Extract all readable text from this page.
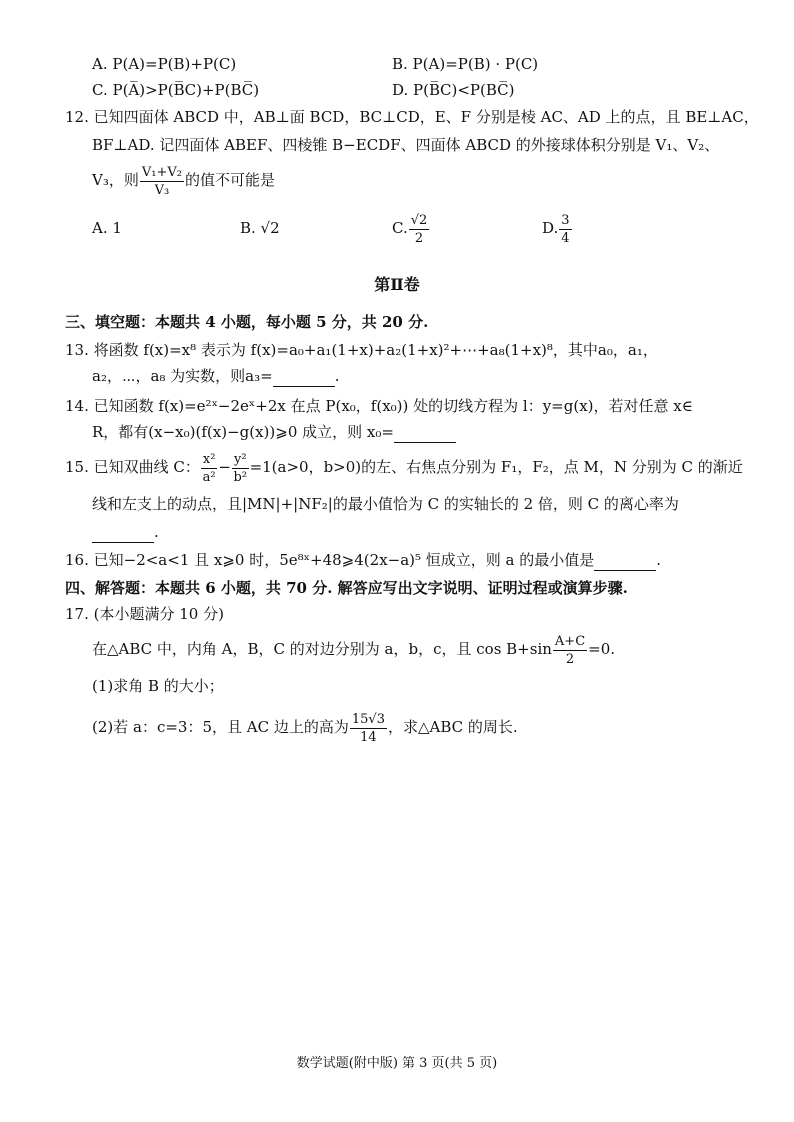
A. P(A)=P(B)+P(C)	B. P(A)=P(B) · P(C)
C. P(A̅)>P(B̅C)+P(BC̅)	D. P(B̅C)<P(BC̅)
12. 已知四面体 ABCD 中，AB⊥面 BCD，BC⊥CD，E、F 分别是棱 AC、AD 上的点，且 BE⊥AC，
BF⊥AD. 记四面体 ABEF、四棱锥 B−ECDF、四面体 ABCD 的外接球体积分别是 V₁、V₂、
V₃，则 $\frac{\text{V₁+V₂}}{\text{V₃}}$ 的值不可能是
A. 1	B. √2	C. $\frac{√2}{2}$	D. $\frac{3}{4}$
第Ⅱ卷
三、填空题：本题共 4 小题，每小题 5 分，共 20 分.
13. 将函数 f(x)=x⁸ 表示为 f(x)=a₀+a₁(1+x)+a₂(1+x)²+⋯+a₈(1+x)⁸，其中a₀，a₁，
a₂，⋯，a₈ 为实数，则a₃=	.
14. 已知函数 f(x)=e²ˣ−2eˣ+2x 在点 P(x₀，f(x₀)) 处的切线方程为 l：y=g(x)，若对任意 x∈
R，都有(x−x₀)(f(x)−g(x))⩾0 成立，则 x₀=
15. 已知双曲线 C： $\frac{\text{x²}}{\text{a²}} - \frac{\text{y²}}{\text{b²}} =1(a>0$，b>0)的左、右焦点分别为 F₁，F₂，点 M，N 分别为 C 的渐近
线和左支上的动点，且|MN|+|NF₂|的最小值恰为 C 的实轴长的 2 倍，则 C 的离心率为
.
16. 已知−2<a<1 且 x⩾0 时，5e⁸ˣ+48⩾4(2x−a)⁵ 恒成立，则 a 的最小值是	.
四、解答题：本题共 6 小题，共 70 分. 解答应写出文字说明、证明过程或演算步骤.
17. (本小题满分 10 分)
在△ABC 中，内角 A，B，C 的对边分别为 a，b，c，且 $\cos B+\sin \frac{A+C}{2} =0$.
(1)求角 B 的大小；
(2)若 a：c=3：5，且 AC 边上的高为 $\frac{15√3}{14}$ ，求△ABC 的周长.
数学试题(附中版) 第 3 页(共 5 页)
